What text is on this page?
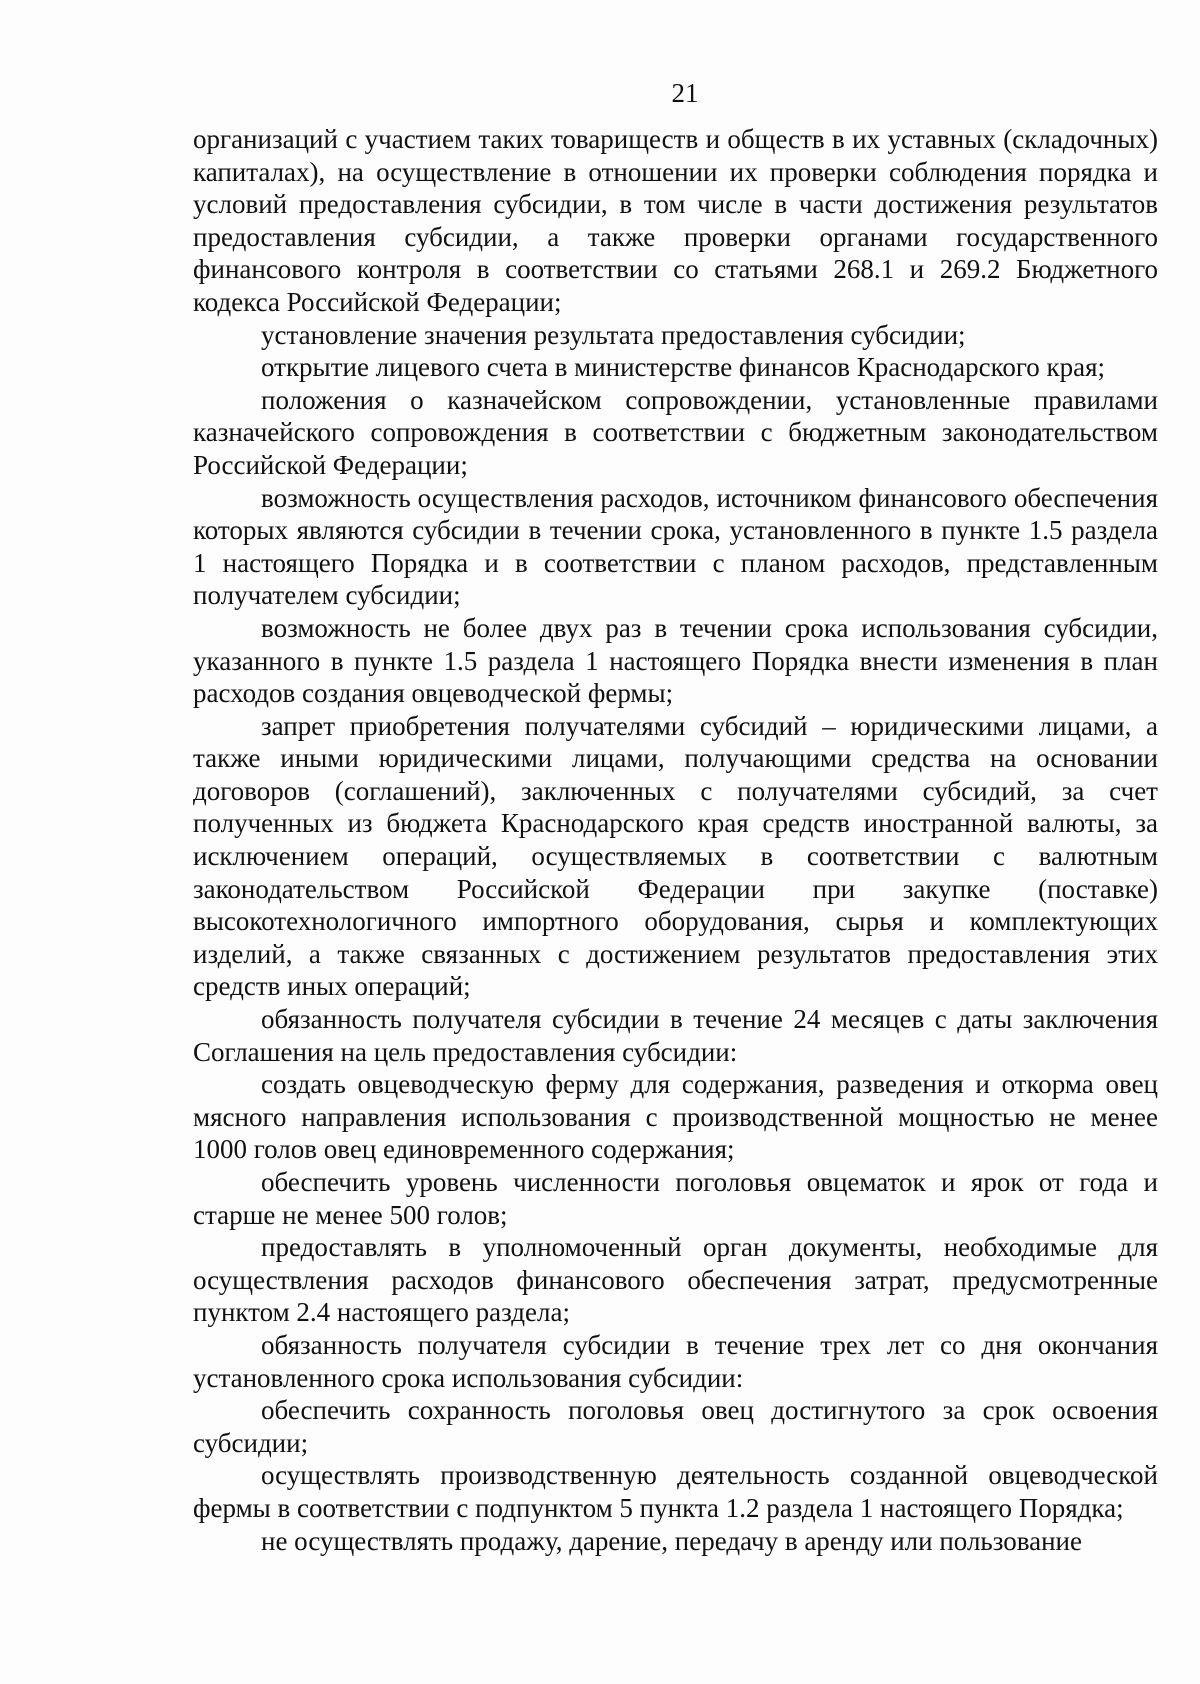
21

организаций с участием таких товариществ и обществ в их уставных (складочных) капиталах), на осуществление в отношении их проверки соблюдения порядка и условий предоставления субсидии, в том числе в части достижения результатов предоставления субсидии, а также проверки органами государственного финансового контроля в соответствии со статьями 268.1 и 269.2 Бюджетного кодекса Российской Федерации;

установление значения результата предоставления субсидии;

открытие лицевого счета в министерстве финансов Краснодарского края;

положения о казначейском сопровождении, установленные правилами казначейского сопровождения в соответствии с бюджетным законодательством Российской Федерации;

возможность осуществления расходов, источником финансового обеспечения которых являются субсидии в течении срока, установленного в пункте 1.5 раздела 1 настоящего Порядка и в соответствии с планом расходов, представленным получателем субсидии;

возможность не более двух раз в течении срока использования субсидии, указанного в пункте 1.5 раздела 1 настоящего Порядка внести изменения в план расходов создания овцеводческой фермы;

запрет приобретения получателями субсидий – юридическими лицами, а также иными юридическими лицами, получающими средства на основании договоров (соглашений), заключенных с получателями субсидий, за счет полученных из бюджета Краснодарского края средств иностранной валюты, за исключением операций, осуществляемых в соответствии с валютным законодательством Российской Федерации при закупке (поставке) высокотехнологичного импортного оборудования, сырья и комплектующих изделий, а также связанных с достижением результатов предоставления этих средств иных операций;

обязанность получателя субсидии в течение 24 месяцев с даты заключения Соглашения на цель предоставления субсидии:

создать овцеводческую ферму для содержания, разведения и откорма овец мясного направления использования с производственной мощностью не менее 1000 голов овец единовременного содержания;

обеспечить уровень численности поголовья овцематок и ярок от года и старше не менее 500 голов;

предоставлять в уполномоченный орган документы, необходимые для осуществления расходов финансового обеспечения затрат, предусмотренные пунктом 2.4 настоящего раздела;

обязанность получателя субсидии в течение трех лет со дня окончания установленного срока использования субсидии:

обеспечить сохранность поголовья овец достигнутого за срок освоения субсидии;

осуществлять производственную деятельность созданной овцеводческой фермы в соответствии с подпунктом 5 пункта 1.2 раздела 1 настоящего Порядка;

не осуществлять продажу, дарение, передачу в аренду или пользование
